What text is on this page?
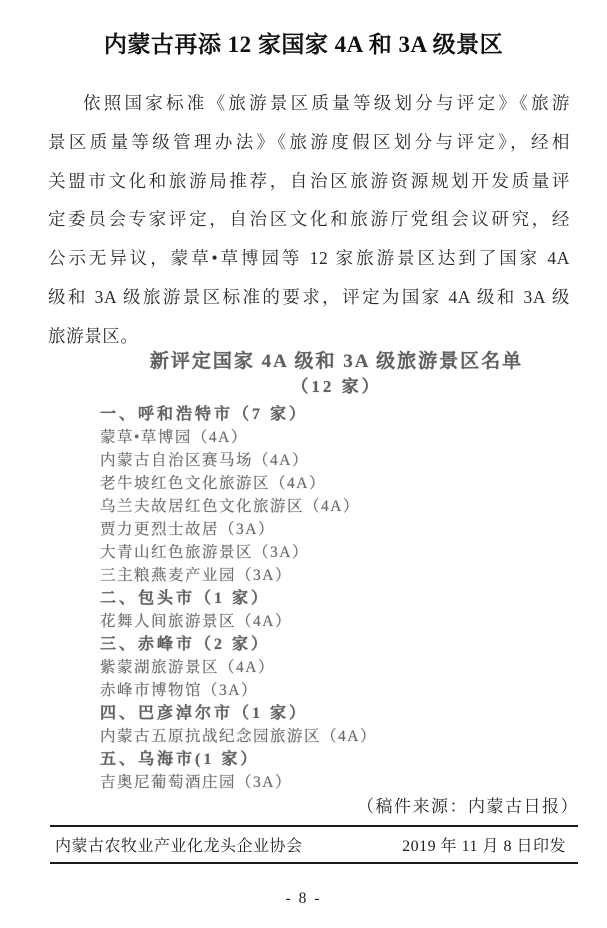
内蒙古再添 12 家国家 4A 和 3A 级景区
依照国家标准《旅游景区质量等级划分与评定》《旅游
景区质量等级管理办法》《旅游度假区划分与评定》，经相
关盟市文化和旅游局推荐，自治区旅游资源规划开发质量评
定委员会专家评定，自治区文化和旅游厅党组会议研究，经
公示无异议，蒙草•草博园等 12 家旅游景区达到了国家 4A
级和 3A 级旅游景区标准的要求，评定为国家 4A 级和 3A 级
旅游景区。
新评定国家 4A 级和 3A 级旅游景区名单
（12 家）
一、呼和浩特市（7 家）
蒙草•草博园（4A）
内蒙古自治区赛马场（4A）
老牛坡红色文化旅游区（4A）
乌兰夫故居红色文化旅游区（4A）
贾力更烈士故居（3A）
大青山红色旅游景区（3A）
三主粮燕麦产业园（3A）
二、包头市（1 家）
花舞人间旅游景区（4A）
三、赤峰市（2 家）
紫蒙湖旅游景区（4A）
赤峰市博物馆（3A）
四、巴彦淖尔市（1 家）
内蒙古五原抗战纪念园旅游区（4A）
五、乌海市(1 家）
吉奥尼葡萄酒庄园（3A）
（稿件来源：内蒙古日报）
内蒙古农牧业产业化龙头企业协会	2019 年 11 月 8 日印发
- 8 -
